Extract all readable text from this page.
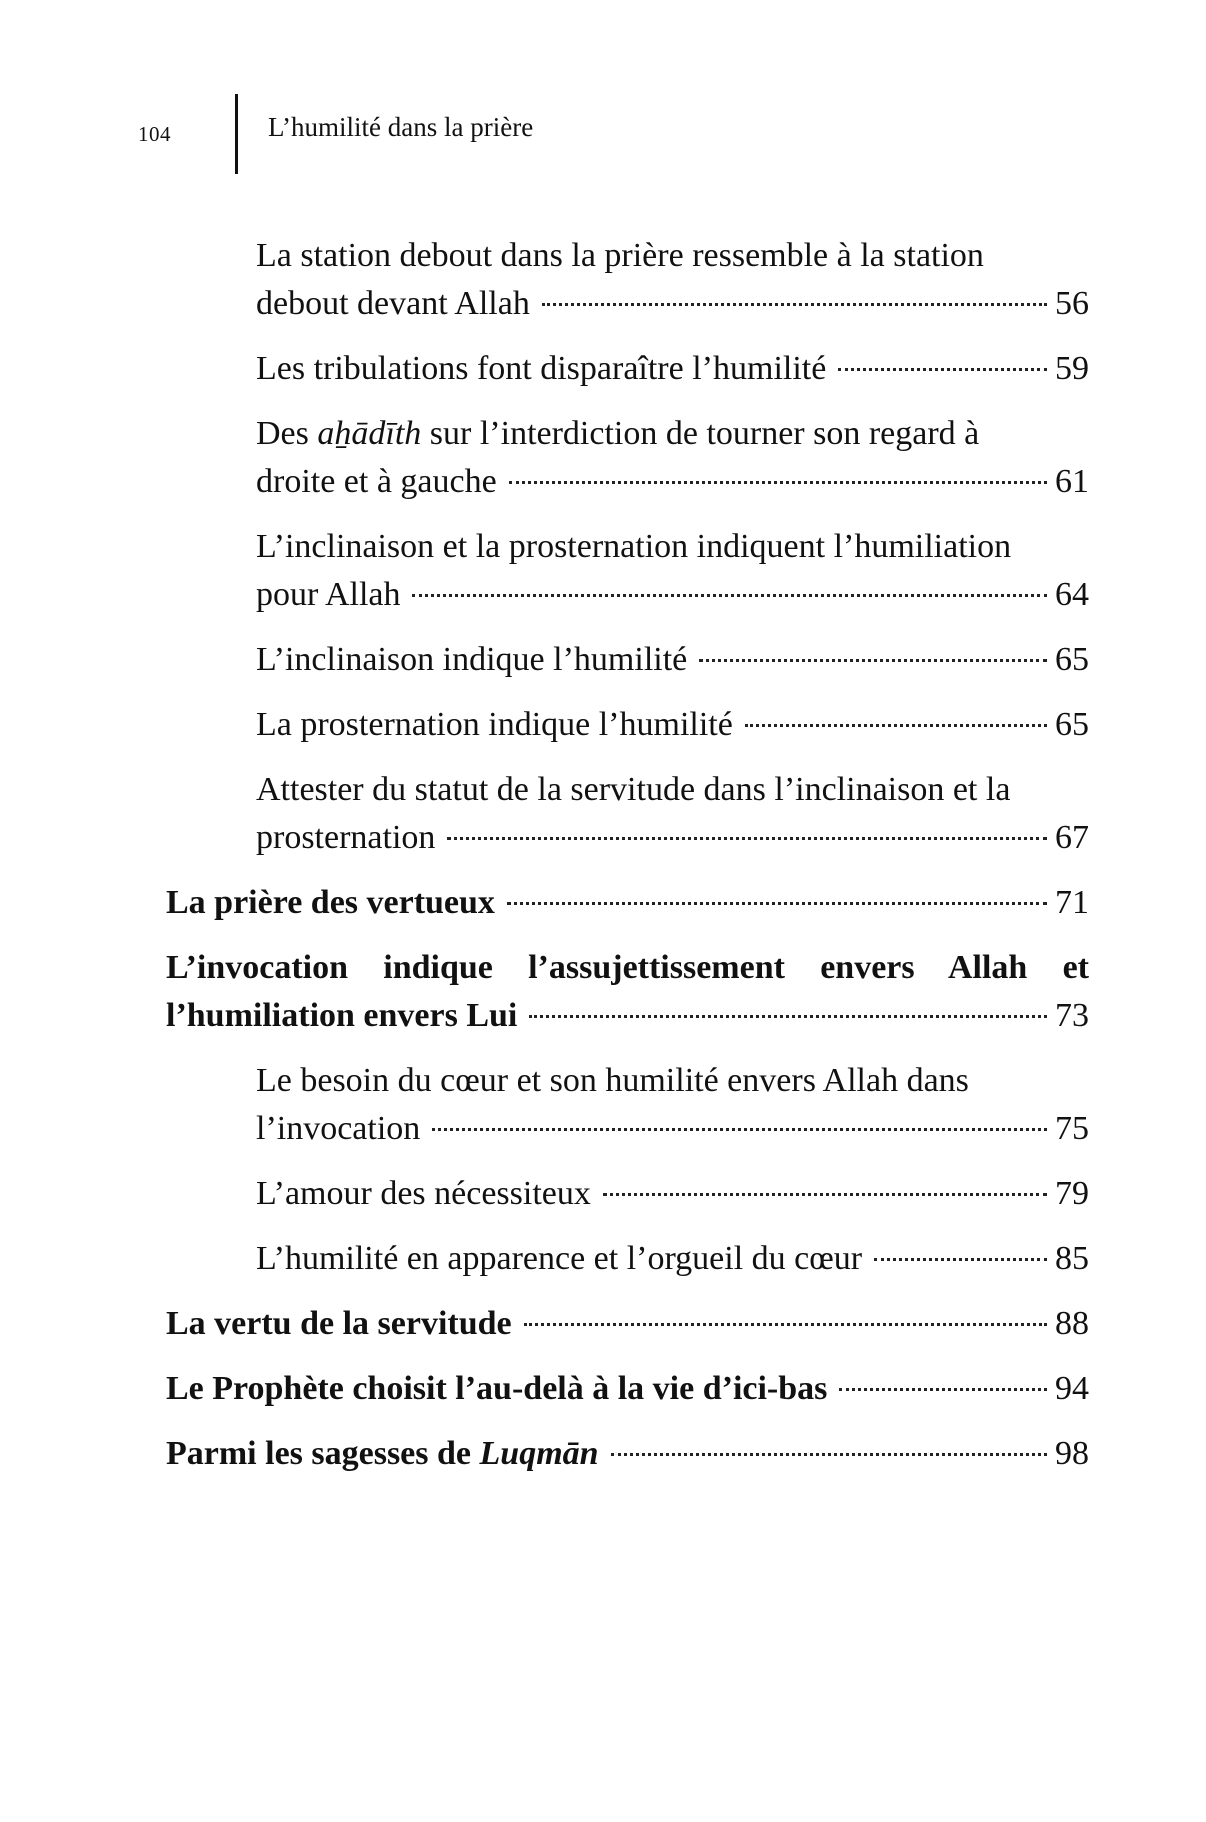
104	L’humilité dans la prière
La station debout dans la prière ressemble à la station
debout devant Allah	56
Les tribulations font disparaître l’humilité	59
Des aẖādīth sur l’interdiction de tourner son regard à
droite et à gauche	61
L’inclinaison et la prosternation indiquent l’humiliation
pour Allah	64
L’inclinaison indique l’humilité	65
La prosternation indique l’humilité	65
Attester du statut de la servitude dans l’inclinaison et la
prosternation	67
La prière des vertueux	71
L’invocation indique l’assujettissement envers Allah et
l’humiliation envers Lui	73
Le besoin du cœur et son humilité envers Allah dans
l’invocation	75
L’amour des nécessiteux	79
L’humilité en apparence et l’orgueil du cœur	85
La vertu de la servitude	88
Le Prophète choisit l’au-delà à la vie d’ici-bas	94
Parmi les sagesses de Luqmān	98
